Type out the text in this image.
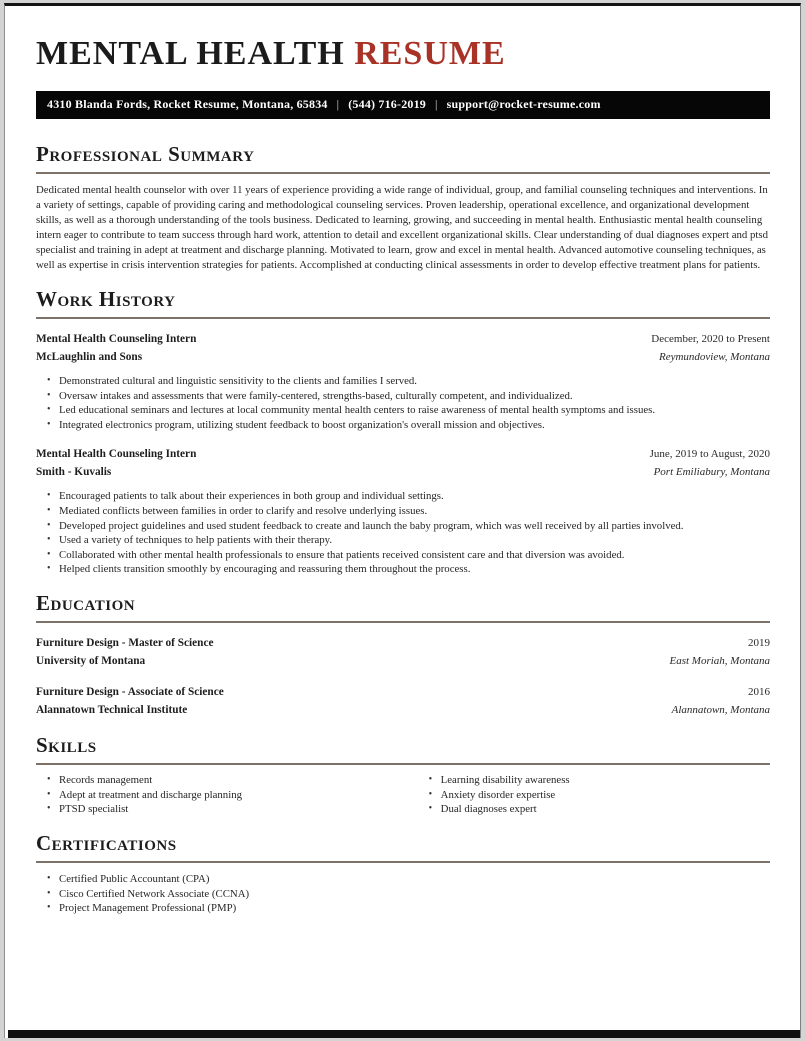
MENTAL HEALTH RESUME
4310 Blanda Fords, Rocket Resume, Montana, 65834 | (544) 716-2019 | support@rocket-resume.com
Professional Summary

Dedicated mental health counselor with over 11 years of experience providing a wide range of individual, group, and familial counseling techniques and interventions. In a variety of settings, capable of providing caring and methodological counseling services. Proven leadership, operational excellence, and organizational development skills, as well as a thorough understanding of the tools business. Dedicated to learning, growing, and succeeding in mental health. Enthusiastic mental health counseling intern eager to contribute to team success through hard work, attention to detail and excellent organizational skills. Clear understanding of dual diagnoses expert and ptsd specialist and training in adept at treatment and discharge planning. Motivated to learn, grow and excel in mental health. Advanced automotive counseling techniques, as well as expertise in crisis intervention strategies for patients. Accomplished at conducting clinical assessments in order to develop effective treatment plans for patients.

Work History
Mental Health Counseling Intern	December, 2020 to Present
McLaughlin and Sons	Reymundoview, Montana
• Demonstrated cultural and linguistic sensitivity to the clients and families I served.
• Oversaw intakes and assessments that were family-centered, strengths-based, culturally competent, and individualized.
• Led educational seminars and lectures at local community mental health centers to raise awareness of mental health symptoms and issues.
• Integrated electronics program, utilizing student feedback to boost organization's overall mission and objectives.
Mental Health Counseling Intern	June, 2019 to August, 2020
Smith - Kuvalis	Port Emiliabury, Montana
• Encouraged patients to talk about their experiences in both group and individual settings.
• Mediated conflicts between families in order to clarify and resolve underlying issues.
• Developed project guidelines and used student feedback to create and launch the baby program, which was well received by all parties involved.
• Used a variety of techniques to help patients with their therapy.
• Collaborated with other mental health professionals to ensure that patients received consistent care and that diversion was avoided.
• Helped clients transition smoothly by encouraging and reassuring them throughout the process.
Education
Furniture Design - Master of Science	2019
University of Montana	East Moriah, Montana
Furniture Design - Associate of Science	2016
Alannatown Technical Institute	Alannatown, Montana
Skills
• Records management
• Adept at treatment and discharge planning
• PTSD specialist
• Learning disability awareness
• Anxiety disorder expertise
• Dual diagnoses expert
Certifications
• Certified Public Accountant (CPA)
• Cisco Certified Network Associate (CCNA)
• Project Management Professional (PMP)
